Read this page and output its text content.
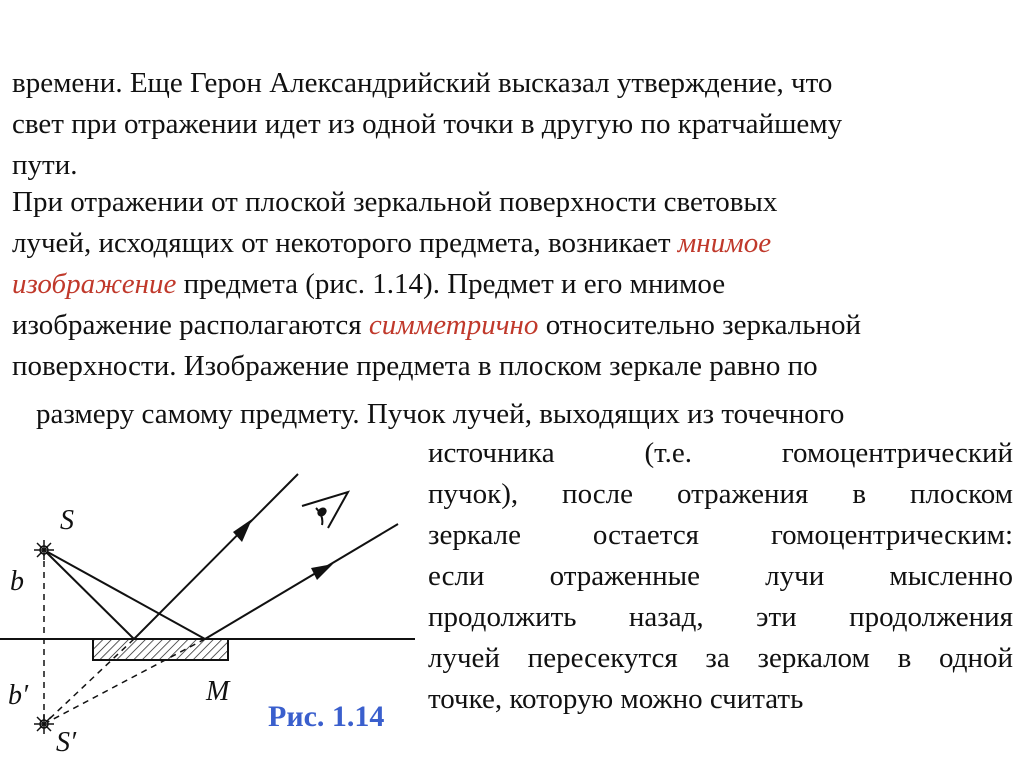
времени. Еще Герон Александрийский высказал утверждение, что

свет при отражении идет из одной точки в другую по кратчайшему

пути.

При отражении от плоской зеркальной поверхности световых

лучей, исходящих от некоторого предмета, возникает мнимое

изображение предмета (рис. 1.14). Предмет и его мнимое

изображение располагаются симметрично относительно зеркальной

поверхности. Изображение предмета в плоском зеркале равно по

размеру самому предмету. Пучок лучей, выходящих из точечного

источника (т.е. гомоцентрический
пучок), после отражения в плоском
зеркале остается гомоцентрическим:
если отраженные лучи мысленно
продолжить назад, эти продолжения
лучей пересекутся за зеркалом в одной
точке, которую можно считать
S
b
b′	M
S′
Рис. 1.14
